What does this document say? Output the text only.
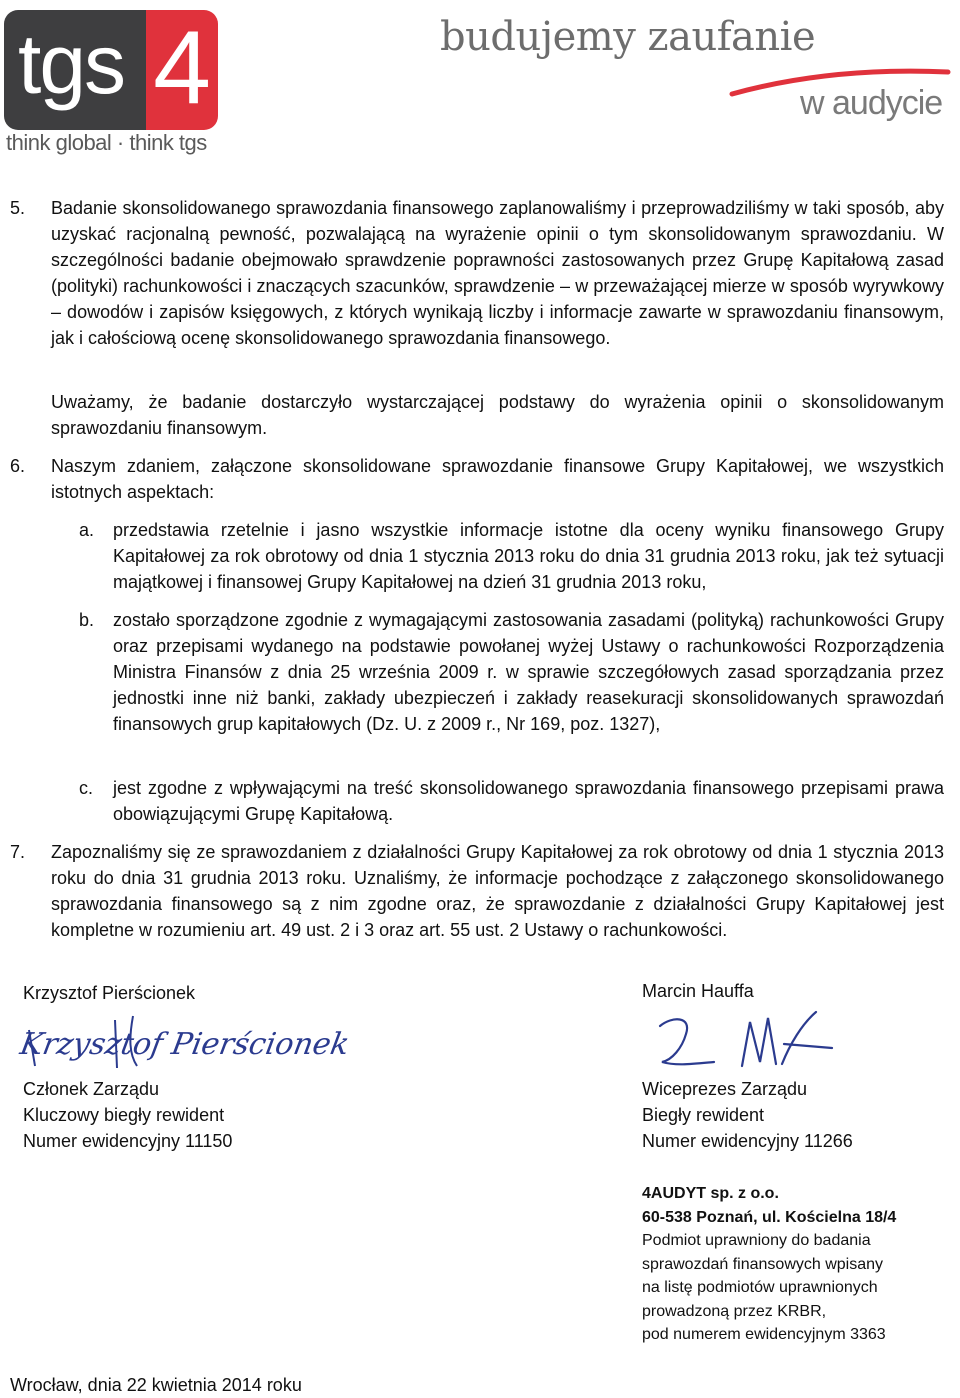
tgs 4
think global · think tgs
budujemy zaufanie
w audycie
5. Badanie skonsolidowanego sprawozdania finansowego zaplanowaliśmy i przeprowadziliśmy w taki sposób, aby uzyskać racjonalną pewność, pozwalającą na wyrażenie opinii o tym skonsolidowanym sprawozdaniu. W szczególności badanie obejmowało sprawdzenie poprawności zastosowanych przez Grupę Kapitałową zasad (polityki) rachunkowości i znaczących szacunków, sprawdzenie – w przeważającej mierze w sposób wyrywkowy – dowodów i zapisów księgowych, z których wynikają liczby i informacje zawarte w sprawozdaniu finansowym, jak i całościową ocenę skonsolidowanego sprawozdania finansowego.
Uważamy, że badanie dostarczyło wystarczającej podstawy do wyrażenia opinii o skonsolidowanym sprawozdaniu finansowym.
6. Naszym zdaniem, załączone skonsolidowane sprawozdanie finansowe Grupy Kapitałowej, we wszystkich istotnych aspektach:
a. przedstawia rzetelnie i jasno wszystkie informacje istotne dla oceny wyniku finansowego Grupy Kapitałowej za rok obrotowy od dnia 1 stycznia 2013 roku do dnia 31 grudnia 2013 roku, jak też sytuacji majątkowej i finansowej Grupy Kapitałowej na dzień 31 grudnia 2013 roku,
b. zostało sporządzone zgodnie z wymagającymi zastosowania zasadami (polityką) rachunkowości Grupy oraz przepisami wydanego na podstawie powołanej wyżej Ustawy o rachunkowości Rozporządzenia Ministra Finansów z dnia 25 września 2009 r. w sprawie szczegółowych zasad sporządzania przez jednostki inne niż banki, zakłady ubezpieczeń i zakłady reasekuracji skonsolidowanych sprawozdań finansowych grup kapitałowych (Dz. U. z 2009 r., Nr 169, poz. 1327),
c. jest zgodne z wpływającymi na treść skonsolidowanego sprawozdania finansowego przepisami prawa obowiązującymi Grupę Kapitałową.
7. Zapoznaliśmy się ze sprawozdaniem z działalności Grupy Kapitałowej za rok obrotowy od dnia 1 stycznia 2013 roku do dnia 31 grudnia 2013 roku. Uznaliśmy, że informacje pochodzące z załączonego skonsolidowanego sprawozdania finansowego są z nim zgodne oraz, że sprawozdanie z działalności Grupy Kapitałowej jest kompletne w rozumieniu art. 49 ust. 2 i 3 oraz art. 55 ust. 2 Ustawy o rachunkowości.
Krzysztof Pierścionek
Krzysztof Pierścionek
Członek Zarządu
Kluczowy biegły rewident
Numer ewidencyjny 11150
Marcin Hauffa
Wiceprezes Zarządu
Biegły rewident
Numer ewidencyjny 11266
4AUDYT sp. z o.o.
60-538 Poznań, ul. Kościelna 18/4
Podmiot uprawniony do badania
sprawozdań finansowych wpisany
na listę podmiotów uprawnionych
prowadzoną przez KRBR,
pod numerem ewidencyjnym 3363
Wrocław, dnia 22 kwietnia 2014 roku
